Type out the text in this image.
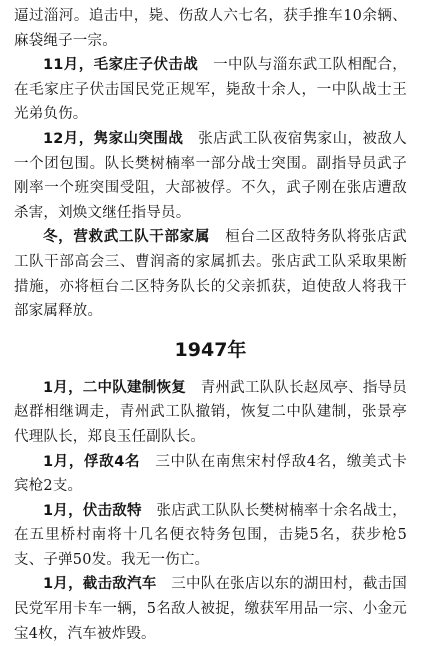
逼过淄河。追击中，毙、伤敌人六七名，获手推车10余辆、麻袋绳子一宗。

11月，毛家庄子伏击战　一中队与淄东武工队相配合，在毛家庄子伏击国民党正规军，毙敌十余人，一中队战士王光弟负伤。

12月，隽家山突围战　张店武工队夜宿隽家山，被敌人一个团包围。队长樊树楠率一部分战士突围。副指导员武子刚率一个班突围受阻，大部被俘。不久，武子刚在张店遭敌杀害，刘焕文继任指导员。

冬，营救武工队干部家属　桓台二区敌特务队将张店武工队干部高会三、曹润斋的家属抓去。张店武工队采取果断措施，亦将桓台二区特务队长的父亲抓获，迫使敌人将我干部家属释放。

1947年

1月，二中队建制恢复　青州武工队队长赵凤亭、指导员赵群相继调走，青州武工队撤销，恢复二中队建制，张景亭代理队长，郑良玉任副队长。

1月，俘敌4名　三中队在南焦宋村俘敌4名，缴美式卡宾枪2支。

1月，伏击敌特　张店武工队队长樊树楠率十余名战士，在五里桥村南将十几名便衣特务包围，击毙5名，获步枪5支、子弹50发。我无一伤亡。

1月，截击敌汽车　三中队在张店以东的湖田村，截击国民党军用卡车一辆，5名敌人被捉，缴获军用品一宗、小金元宝4枚，汽车被炸毁。
